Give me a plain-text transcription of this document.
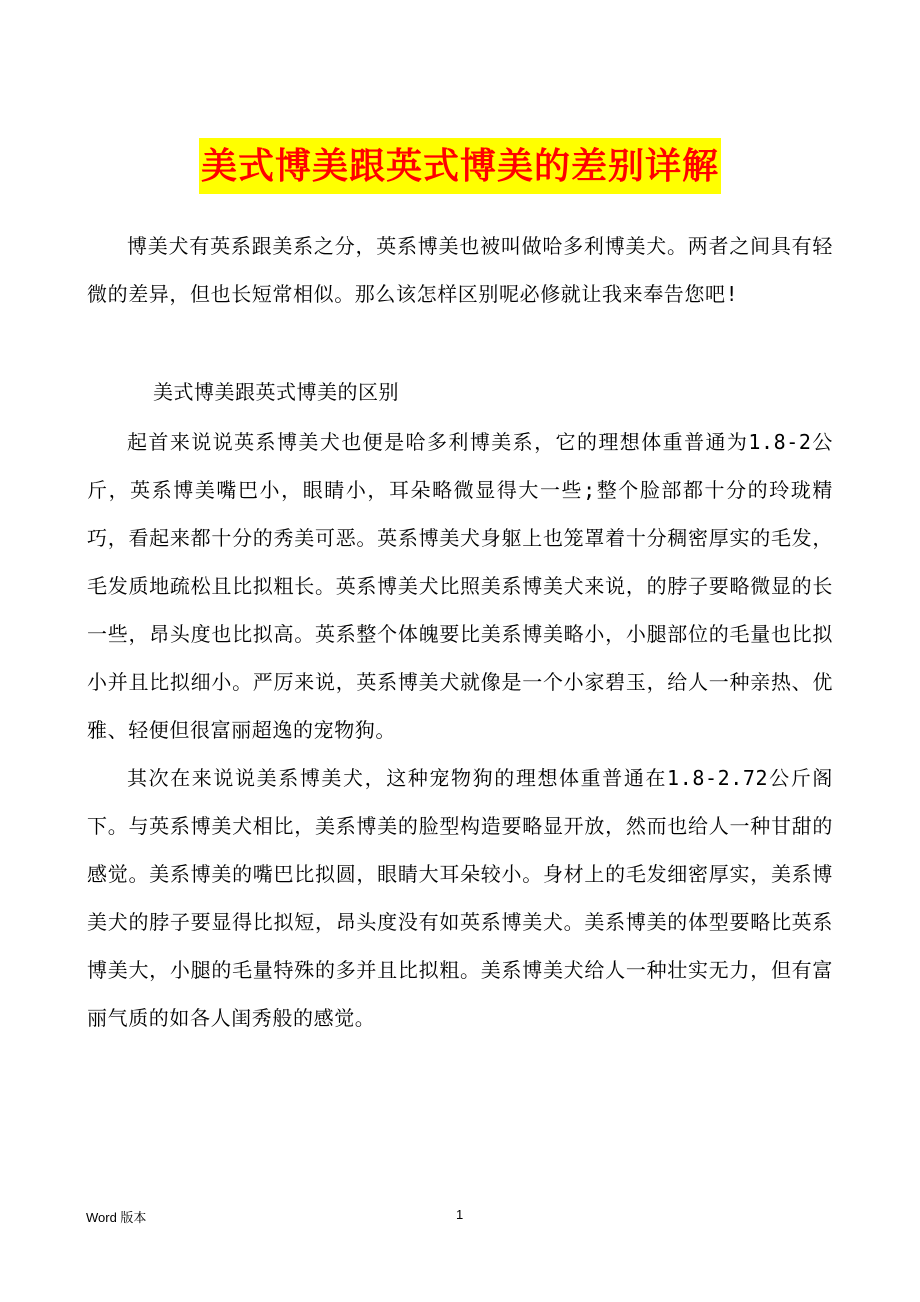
美式博美跟英式博美的差别详解

博美犬有英系跟美系之分，英系博美也被叫做哈多利博美犬。两者之间具有轻微的差异，但也长短常相似。那么该怎样区别呢必修就让我来奉告您吧!

美式博美跟英式博美的区别

起首来说说英系博美犬也便是哈多利博美系，它的理想体重普通为1.8-2公斤，英系博美嘴巴小，眼睛小，耳朵略微显得大一些;整个脸部都十分的玲珑精巧，看起来都十分的秀美可恶。英系博美犬身躯上也笼罩着十分稠密厚实的毛发，毛发质地疏松且比拟粗长。英系博美犬比照美系博美犬来说，的脖子要略微显的长一些，昂头度也比拟高。英系整个体魄要比美系博美略小，小腿部位的毛量也比拟小并且比拟细小。严厉来说，英系博美犬就像是一个小家碧玉，给人一种亲热、优雅、轻便但很富丽超逸的宠物狗。

其次在来说说美系博美犬，这种宠物狗的理想体重普通在1.8-2.72公斤阁下。与英系博美犬相比，美系博美的脸型构造要略显开放，然而也给人一种甘甜的感觉。美系博美的嘴巴比拟圆，眼睛大耳朵较小。身材上的毛发细密厚实，美系博美犬的脖子要显得比拟短，昂头度没有如英系博美犬。美系博美的体型要略比英系博美大，小腿的毛量特殊的多并且比拟粗。美系博美犬给人一种壮实无力，但有富丽气质的如各人闺秀般的感觉。

Word 版本	1
